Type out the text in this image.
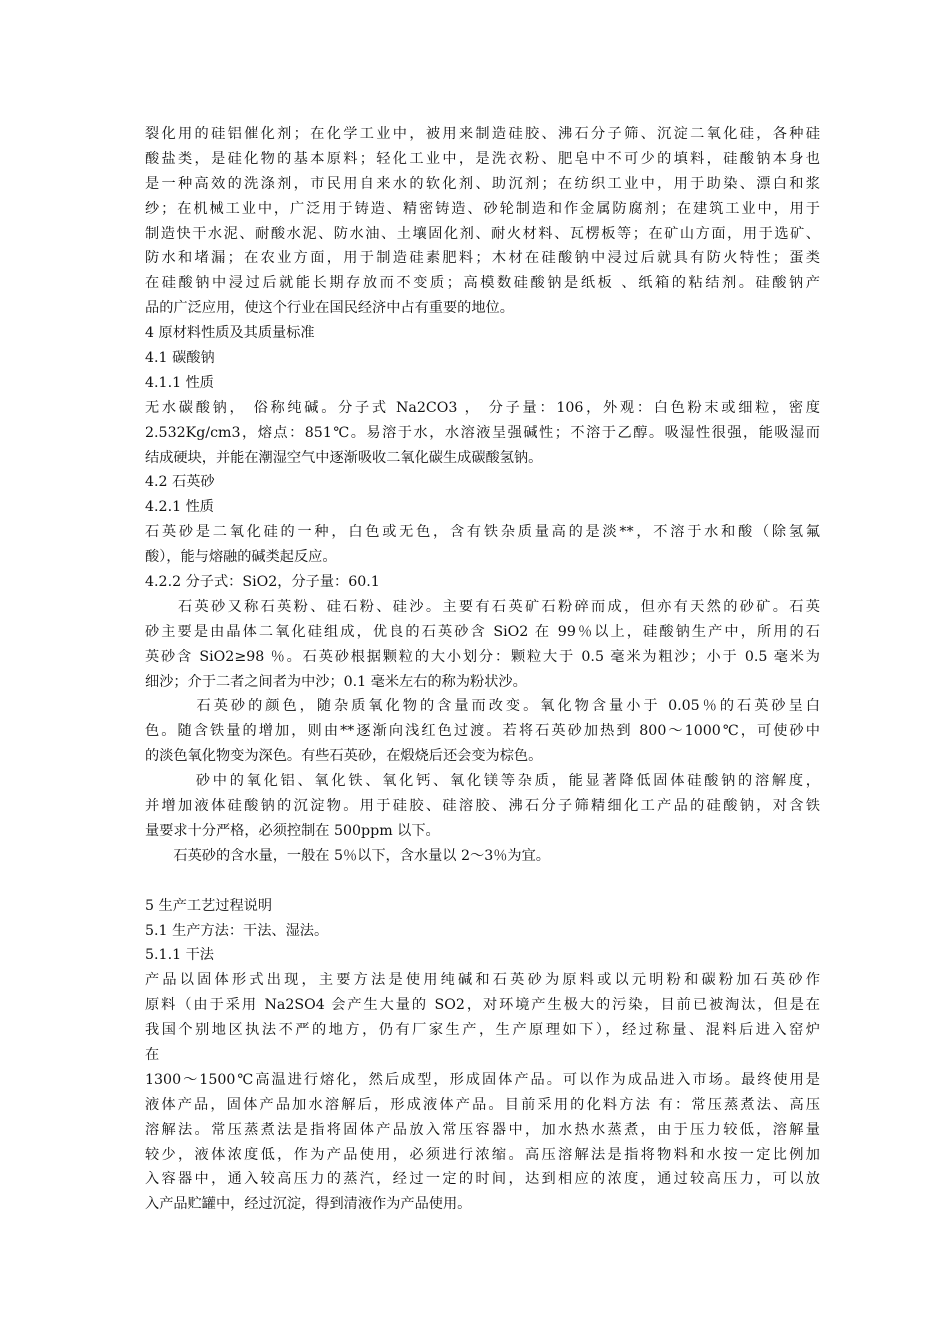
裂化用的硅铝催化剂；在化学工业中，被用来制造硅胶、沸石分子筛、沉淀二氧化硅，各种硅
酸盐类，是硅化物的基本原料；轻化工业中，是洗衣粉、肥皂中不可少的填料，硅酸钠本身也
是一种高效的洗涤剂，市民用自来水的软化剂、助沉剂；在纺织工业中，用于助染、漂白和浆
纱；在机械工业中，广泛用于铸造、精密铸造、砂轮制造和作金属防腐剂；在建筑工业中，用于
制造快干水泥、耐酸水泥、防水油、土壤固化剂、耐火材料、瓦楞板等；在矿山方面，用于选矿、
防水和堵漏；在农业方面，用于制造硅素肥料；木材在硅酸钠中浸过后就具有防火特性；蛋类
在硅酸钠中浸过后就能长期存放而不变质；高模数硅酸钠是纸板 、纸箱的粘结剂。硅酸钠产
品的广泛应用，使这个行业在国民经济中占有重要的地位。
4 原材料性质及其质量标准
4.1 碳酸钠
4.1.1 性质
无水碳酸钠， 俗称纯碱。分子式 Na2CO3 ， 分子量：106，外观：白色粉末或细粒，密度
2.532Kg/cm3，熔点：851℃。易溶于水，水溶液呈强碱性；不溶于乙醇。吸湿性很强，能吸湿而
结成硬块，并能在潮湿空气中逐渐吸收二氧化碳生成碳酸氢钠。
4.2 石英砂
4.2.1 性质
石英砂是二氧化硅的一种，白色或无色，含有铁杂质量高的是淡**，不溶于水和酸（除氢氟
酸），能与熔融的碱类起反应。
4.2.2 分子式：SiO2，分子量：60.1
　　石英砂又称石英粉、硅石粉、硅沙。主要有石英矿石粉碎而成，但亦有天然的砂矿。石英
砂主要是由晶体二氧化硅组成，优良的石英砂含 SiO2 在 99％以上，硅酸钠生产中，所用的石
英砂含 SiO2≥98 ％。石英砂根据颗粒的大小划分：颗粒大于 0.5 毫米为粗沙；小于 0.5 毫米为
细沙；介于二者之间者为中沙；0.1 毫米左右的称为粉状沙。
　　　石英砂的颜色，随杂质氧化物的含量而改变。氧化物含量小于 0.05％的石英砂呈白
色。随含铁量的增加，则由**逐渐向浅红色过渡。若将石英砂加热到 800～1000℃，可使砂中
的淡色氧化物变为深色。有些石英砂，在煅烧后还会变为棕色。
　　　砂中的氧化铝、氧化铁、氧化钙、氧化镁等杂质，能显著降低固体硅酸钠的溶解度，
并增加液体硅酸钠的沉淀物。用于硅胶、硅溶胶、沸石分子筛精细化工产品的硅酸钠，对含铁
量要求十分严格，必须控制在 500ppm 以下。
　　石英砂的含水量，一般在 5％以下，含水量以 2～3％为宜。
5 生产工艺过程说明
5.1 生产方法：干法、湿法。
5.1.1 干法
产品以固体形式出现，主要方法是使用纯碱和石英砂为原料或以元明粉和碳粉加石英砂作
原料（由于采用 Na2SO4 会产生大量的 SO2，对环境产生极大的污染，目前已被淘汰，但是在
我国个别地区执法不严的地方，仍有厂家生产，生产原理如下），经过称量、混料后进入窑炉
在
1300～1500℃高温进行熔化，然后成型，形成固体产品。可以作为成品进入市场。最终使用是
液体产品，固体产品加水溶解后，形成液体产品。目前采用的化料方法 有：常压蒸煮法、高压
溶解法。常压蒸煮法是指将固体产品放入常压容器中，加水热水蒸煮，由于压力较低，溶解量
较少，液体浓度低，作为产品使用，必须进行浓缩。高压溶解法是指将物料和水按一定比例加
入容器中，通入较高压力的蒸汽，经过一定的时间，达到相应的浓度，通过较高压力，可以放
入产品贮罐中，经过沉淀，得到清液作为产品使用。
